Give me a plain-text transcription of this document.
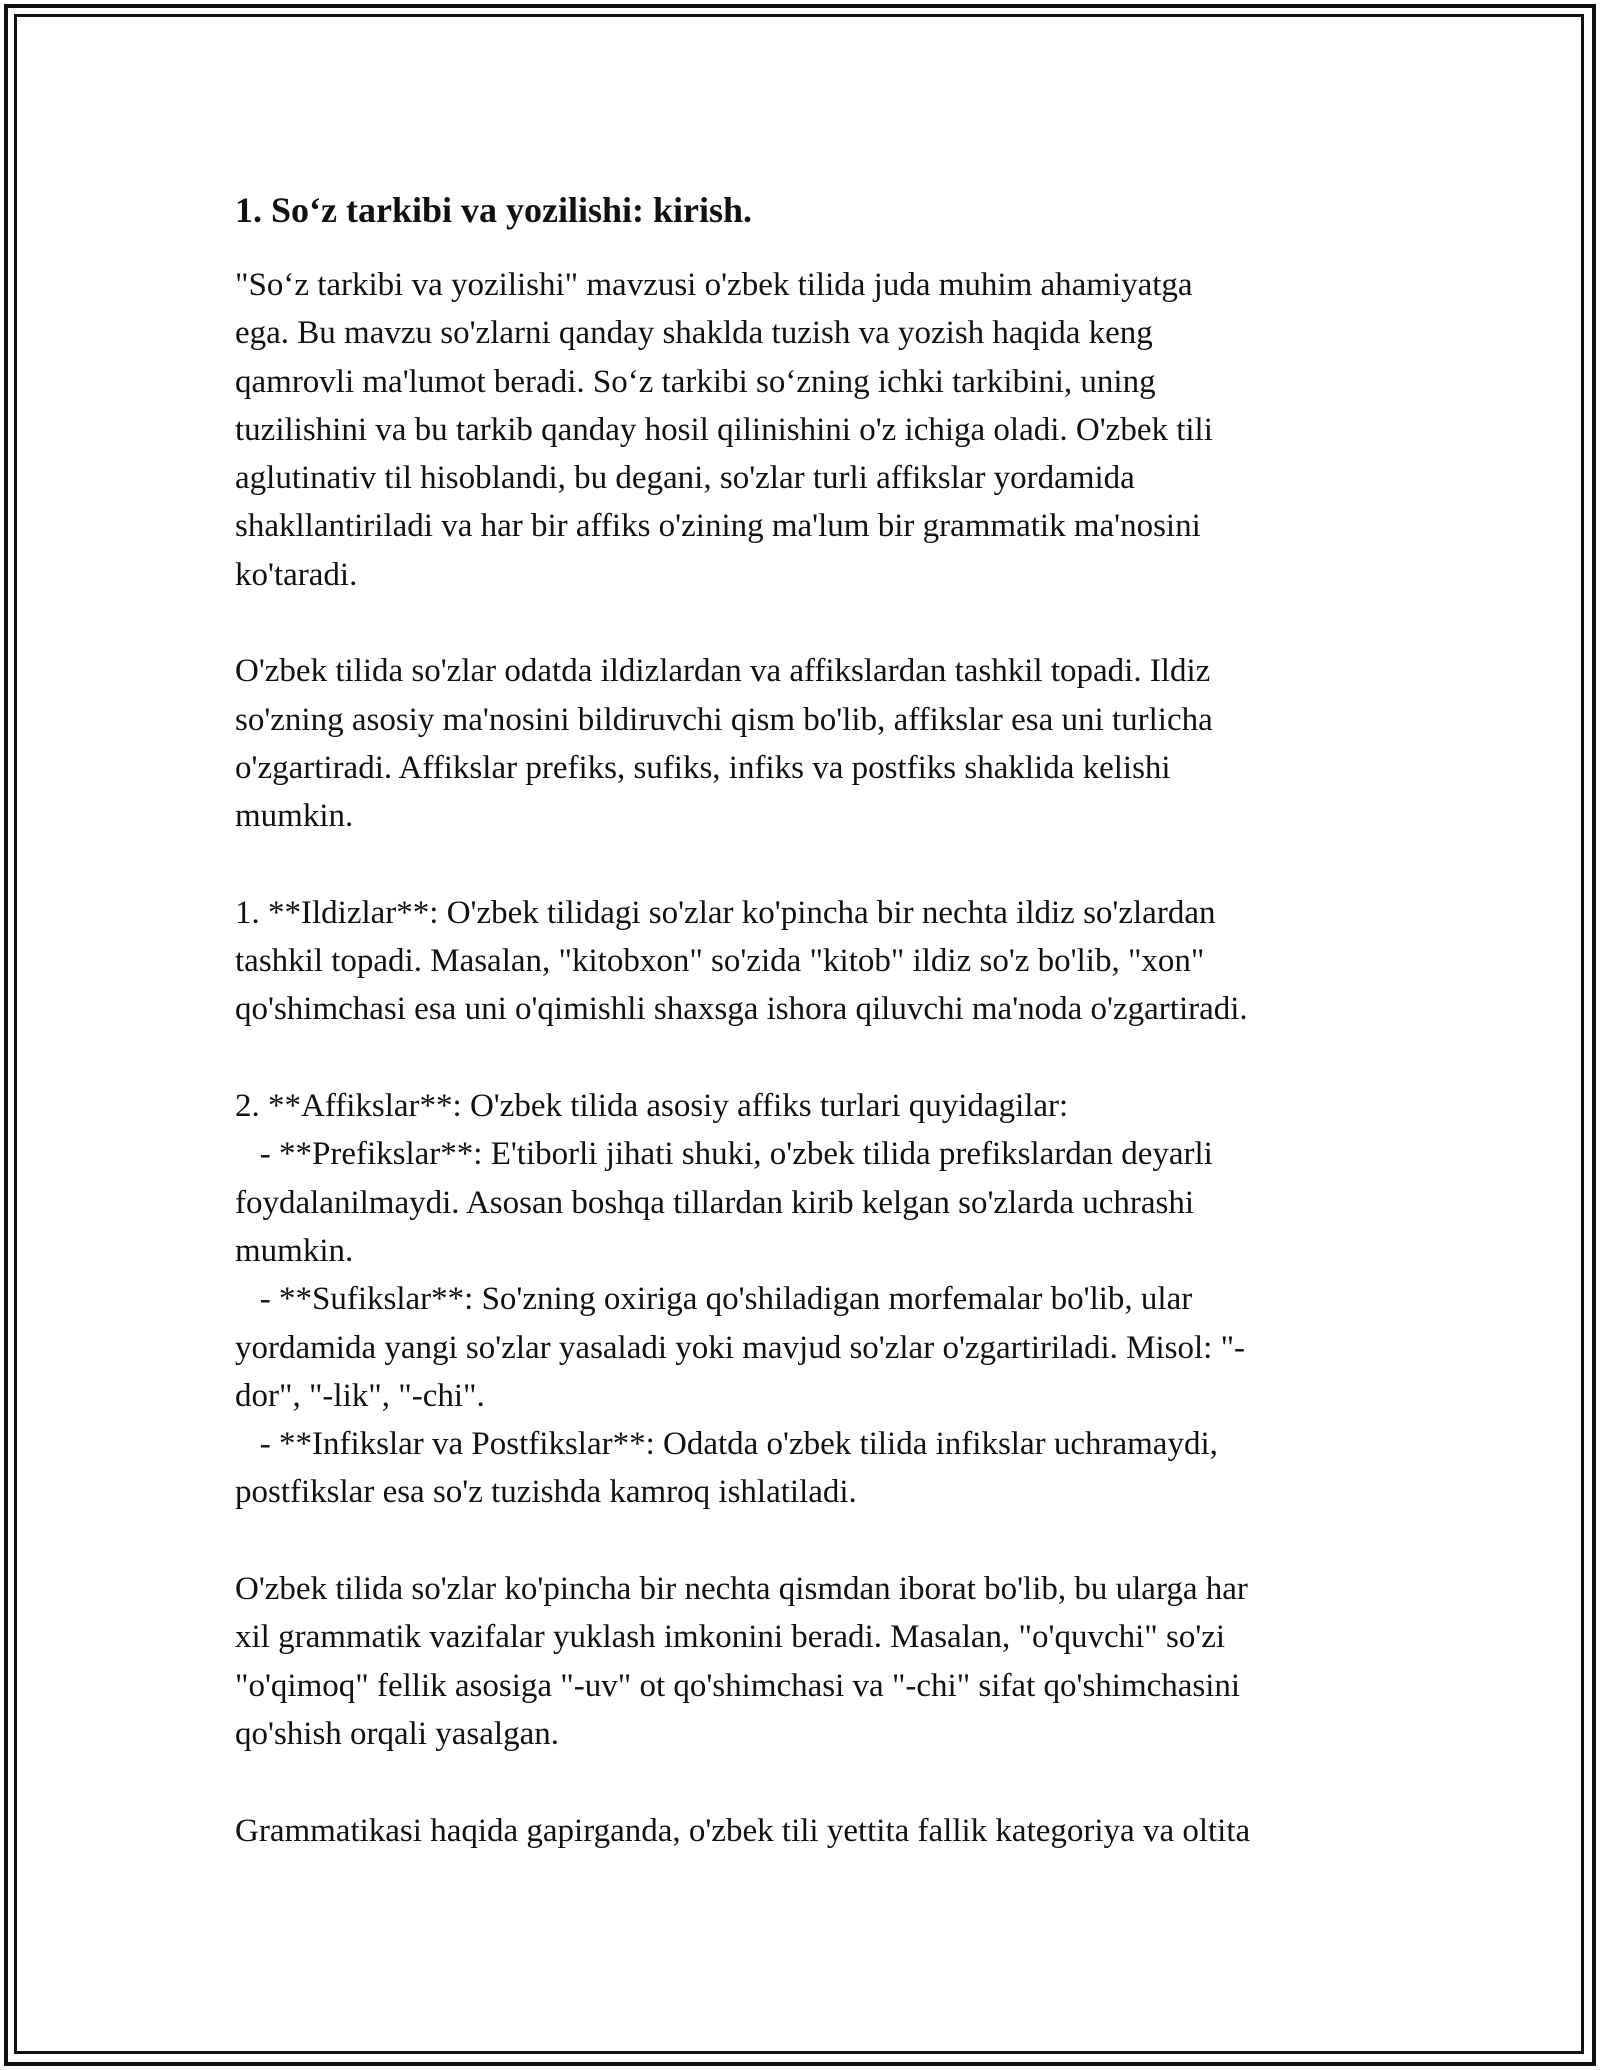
1. So‘z tarkibi va yozilishi: kirish.
"So‘z tarkibi va yozilishi" mavzusi o'zbek tilida juda muhim ahamiyatga
ega. Bu mavzu so'zlarni qanday shaklda tuzish va yozish haqida keng
qamrovli ma'lumot beradi. So‘z tarkibi so‘zning ichki tarkibini, uning
tuzilishini va bu tarkib qanday hosil qilinishini o'z ichiga oladi. O'zbek tili
aglutinativ til hisoblandi, bu degani, so'zlar turli affikslar yordamida
shakllantiriladi va har bir affiks o'zining ma'lum bir grammatik ma'nosini
ko'taradi.
O'zbek tilida so'zlar odatda ildizlardan va affikslardan tashkil topadi. Ildiz
so'zning asosiy ma'nosini bildiruvchi qism bo'lib, affikslar esa uni turlicha
o'zgartiradi. Affikslar prefiks, sufiks, infiks va postfiks shaklida kelishi
mumkin.
1. **Ildizlar**: O'zbek tilidagi so'zlar ko'pincha bir nechta ildiz so'zlardan
tashkil topadi. Masalan, "kitobxon" so'zida "kitob" ildiz so'z bo'lib, "xon"
qo'shimchasi esa uni o'qimishli shaxsga ishora qiluvchi ma'noda o'zgartiradi.
2. **Affikslar**: O'zbek tilida asosiy affiks turlari quyidagilar:
- **Prefikslar**: E'tiborli jihati shuki, o'zbek tilida prefikslardan deyarli
foydalanilmaydi. Asosan boshqa tillardan kirib kelgan so'zlarda uchrashi
mumkin.
- **Sufikslar**: So'zning oxiriga qo'shiladigan morfemalar bo'lib, ular
yordamida yangi so'zlar yasaladi yoki mavjud so'zlar o'zgartiriladi. Misol: "-
dor", "-lik", "-chi".
- **Infikslar va Postfikslar**: Odatda o'zbek tilida infikslar uchramaydi,
postfikslar esa so'z tuzishda kamroq ishlatiladi.
O'zbek tilida so'zlar ko'pincha bir nechta qismdan iborat bo'lib, bu ularga har
xil grammatik vazifalar yuklash imkonini beradi. Masalan, "o'quvchi" so'zi
"o'qimoq" fellik asosiga "-uv" ot qo'shimchasi va "-chi" sifat qo'shimchasini
qo'shish orqali yasalgan.
Grammatikasi haqida gapirganda, o'zbek tili yettita fallik kategoriya va oltita
